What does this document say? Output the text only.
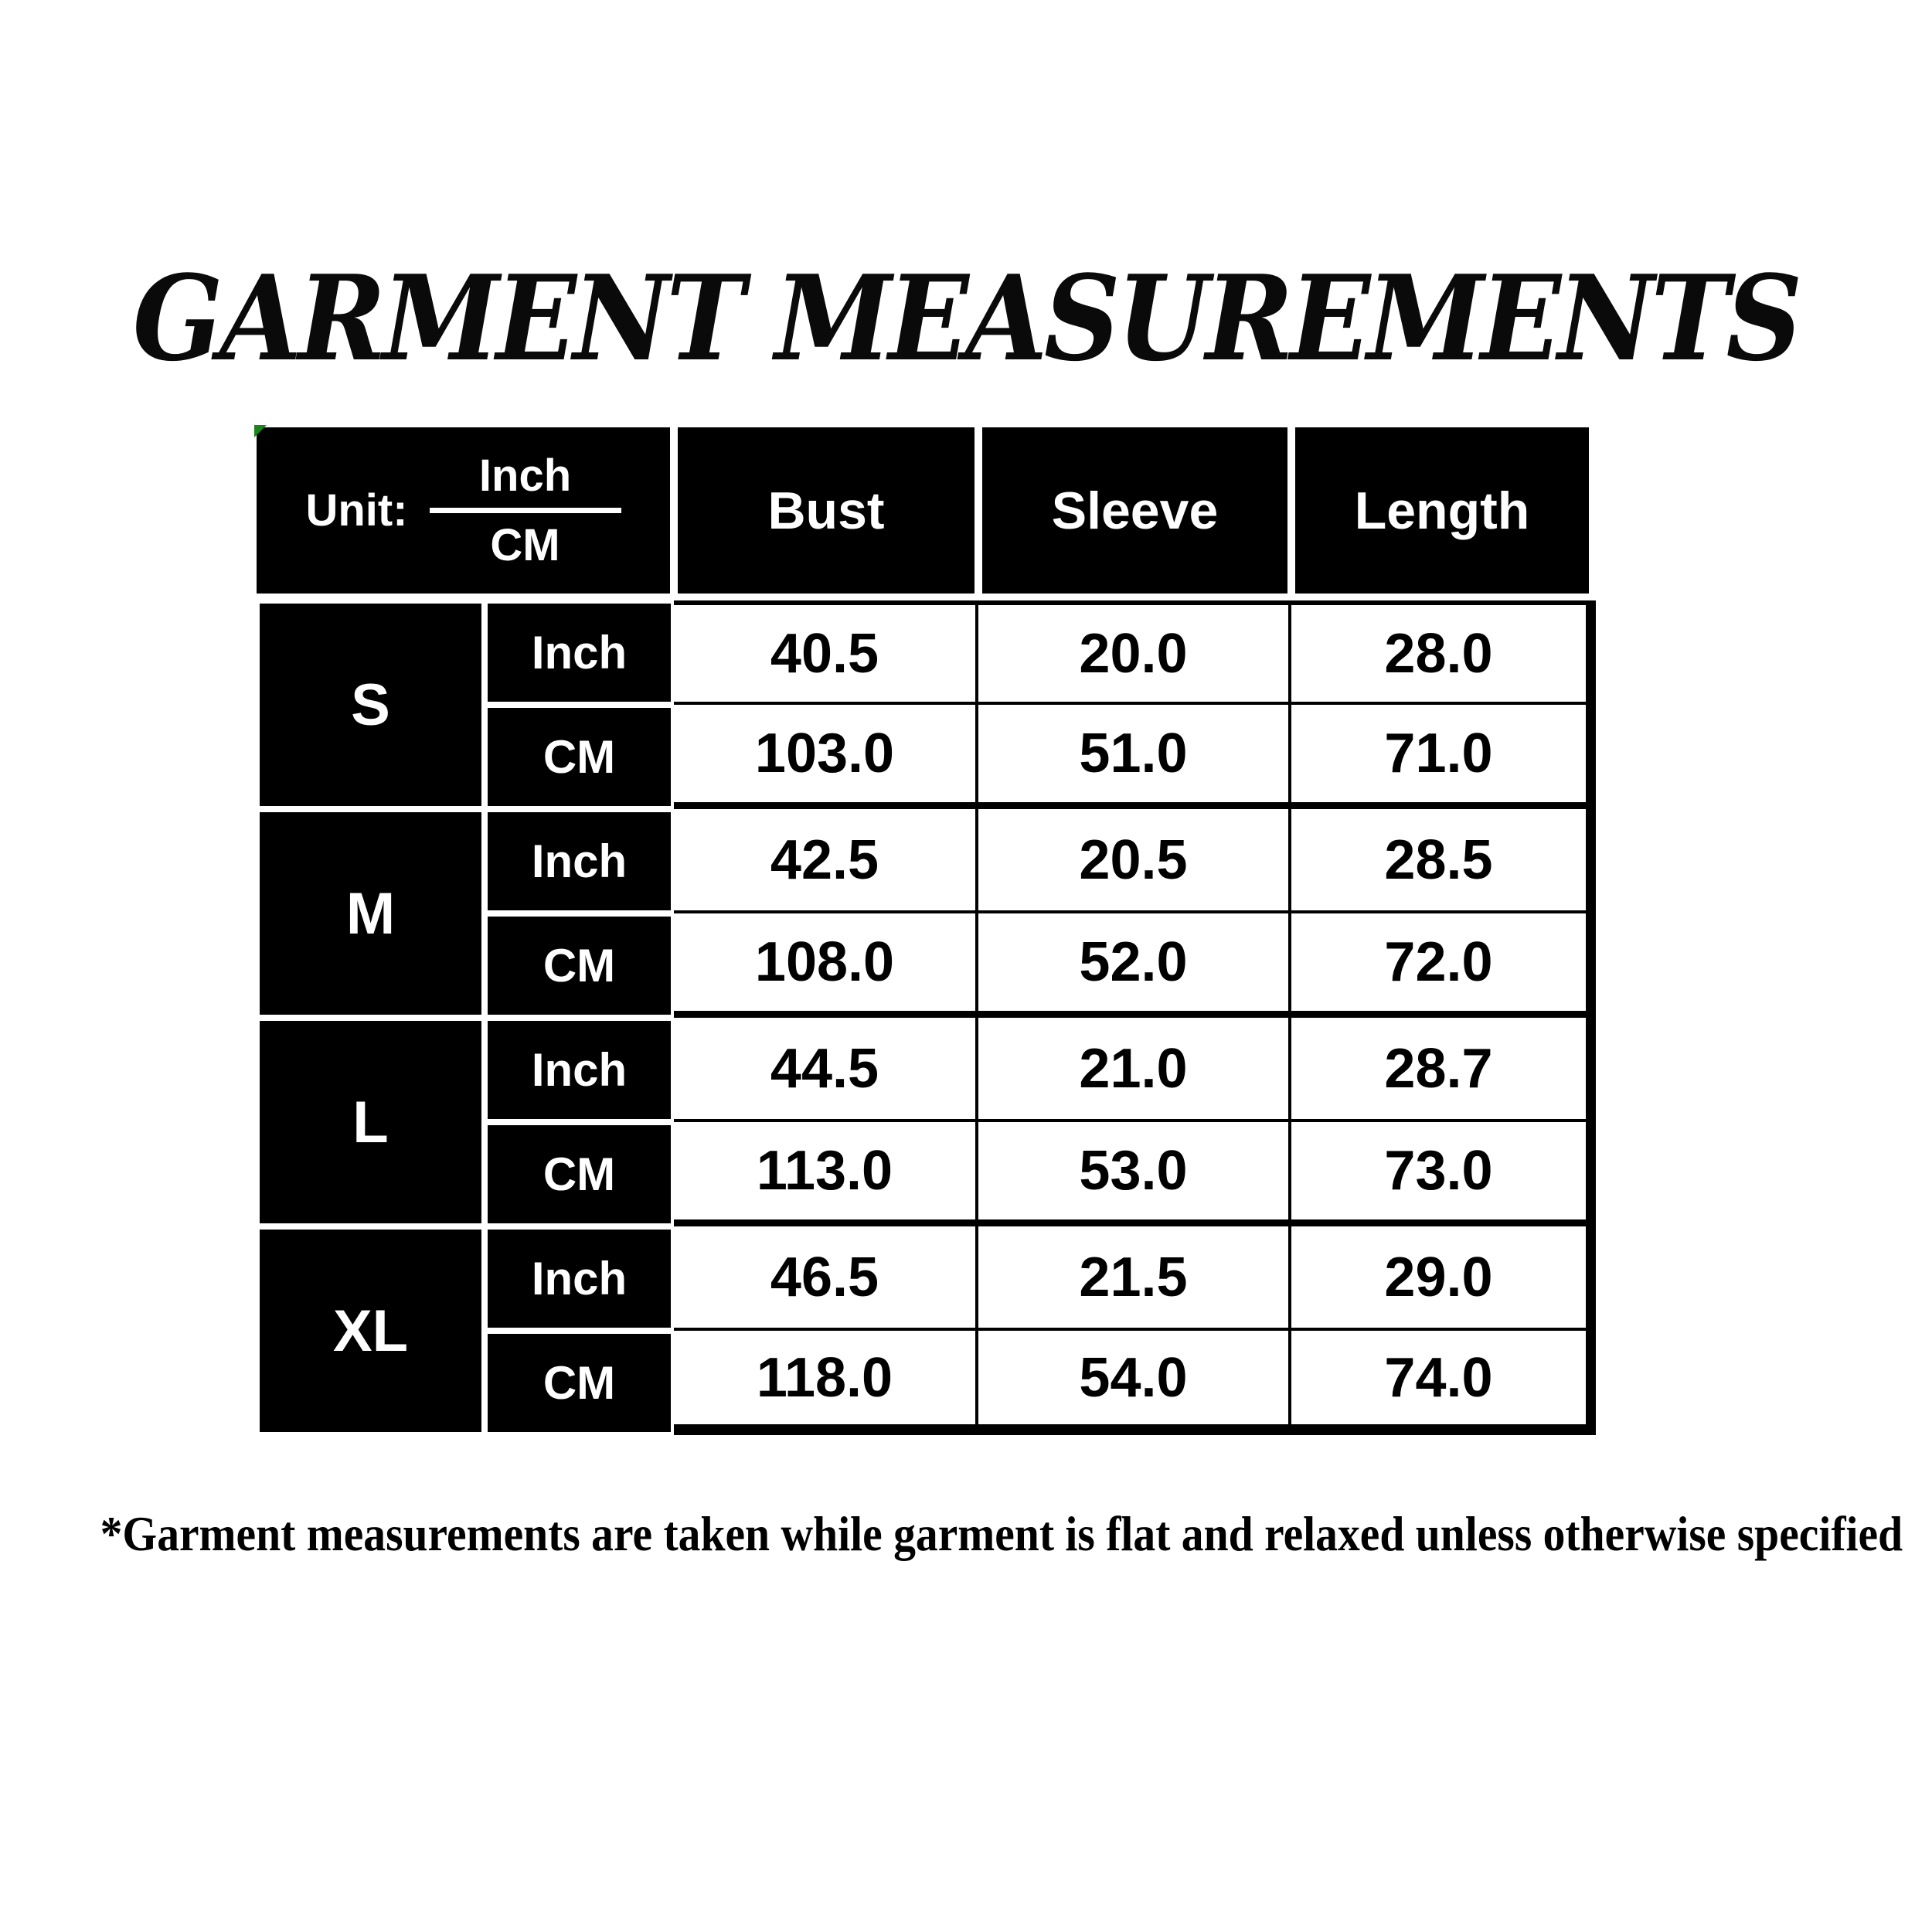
GARMENT MEASUREMENTS
Unit:
Inch
CM
Bust	Sleeve	Length
S
Inch	40.5	20.0	28.0
CM	103.0	51.0	71.0
M
Inch	42.5	20.5	28.5
CM	108.0	52.0	72.0
L
Inch	44.5	21.0	28.7
CM	113.0	53.0	73.0
XL
Inch	46.5	21.5	29.0
CM	118.0	54.0	74.0
*Garment measurements are taken while garment is flat and relaxed unless otherwise specified
